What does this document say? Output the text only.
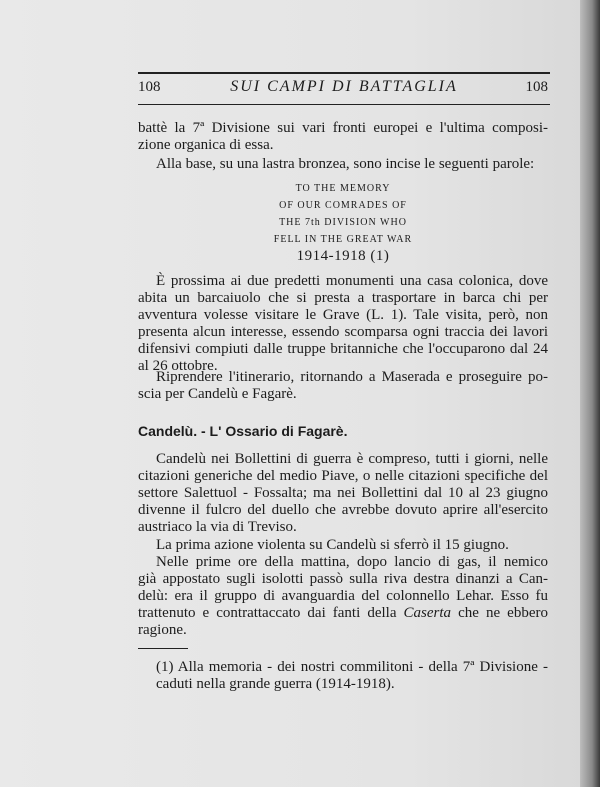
108	SUI CAMPI DI BATTAGLIA	108
battè la 7ª Divisione sui vari fronti europei e l'ultima composi-
zione organica di essa.
Alla base, su una lastra bronzea, sono incise le seguenti parole:
TO THE MEMORY
OF OUR COMRADES OF
THE 7th DIVISION WHO
FELL IN THE GREAT WAR
1914-1918 (1)
È prossima ai due predetti monumenti una casa colonica, dove
abita un barcaiuolo che si presta a trasportare in barca chi per
avventura volesse visitare le Grave (L. 1). Tale visita, però, non
presenta alcun interesse, essendo scomparsa ogni traccia dei lavori
difensivi compiuti dalle truppe britanniche che l'occuparono dal 24
al 26 ottobre.
Riprendere l'itinerario, ritornando a Maserada e proseguire po-
scia per Candelù e Fagarè.
Candelù. - L' Ossario di Fagarè.
Candelù nei Bollettini di guerra è compreso, tutti i giorni, nelle
citazioni generiche del medio Piave, o nelle citazioni specifiche del
settore Salettuol - Fossalta; ma nei Bollettini dal 10 al 23 giugno
divenne il fulcro del duello che avrebbe dovuto aprire all'esercito
austriaco la via di Treviso.
La prima azione violenta su Candelù si sferrò il 15 giugno.
Nelle prime ore della mattina, dopo lancio di gas, il nemico
già appostato sugli isolotti passò sulla riva destra dinanzi a Can-
delù: era il gruppo di avanguardia del colonnello Lehar. Esso fu
trattenuto e contrattaccato dai fanti della Caserta che ne ebbero
ragione.
(1) Alla memoria - dei nostri commilitoni - della 7ª Divisione -
caduti nella grande guerra (1914-1918).
